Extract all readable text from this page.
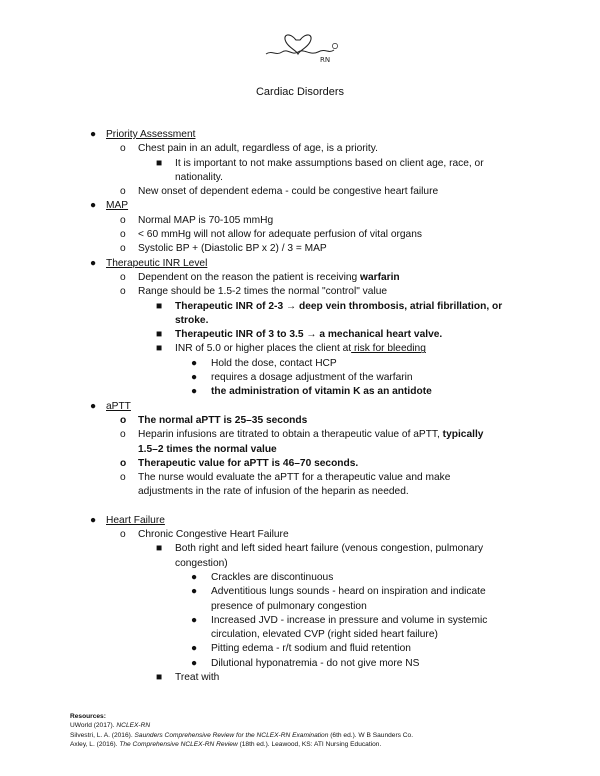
RN
Cardiac Disorders
● Priority Assessment
o Chest pain in an adult, regardless of age, is a priority.
■ It is important to not make assumptions based on client age, race, or
nationality.
o New onset of dependent edema - could be congestive heart failure
● MAP
o Normal MAP is 70-105 mmHg
o < 60 mmHg will not allow for adequate perfusion of vital organs
o Systolic BP + (Diastolic BP x 2) / 3 = MAP
● Therapeutic INR Level
o Dependent on the reason the patient is receiving warfarin
o Range should be 1.5-2 times the normal "control" value
■ Therapeutic INR of 2-3 → deep vein thrombosis, atrial fibrillation, or
stroke.
■ Therapeutic INR of 3 to 3.5 → a mechanical heart valve.
■ INR of 5.0 or higher places the client at risk for bleeding
● Hold the dose, contact HCP
● requires a dosage adjustment of the warfarin
● the administration of vitamin K as an antidote
● aPTT
o The normal aPTT is 25–35 seconds
o Heparin infusions are titrated to obtain a therapeutic value of aPTT, typically
1.5–2 times the normal value
o Therapeutic value for aPTT is 46–70 seconds.
o The nurse would evaluate the aPTT for a therapeutic value and make
adjustments in the rate of infusion of the heparin as needed.
● Heart Failure
o Chronic Congestive Heart Failure
■ Both right and left sided heart failure (venous congestion, pulmonary
congestion)
● Crackles are discontinuous
● Adventitious lungs sounds - heard on inspiration and indicate
presence of pulmonary congestion
● Increased JVD - increase in pressure and volume in systemic
circulation, elevated CVP (right sided heart failure)
● Pitting edema - r/t sodium and fluid retention
● Dilutional hyponatremia - do not give more NS
■ Treat with
Resources:
UWorld (2017). NCLEX-RN
Silvestri, L. A. (2016). Saunders Comprehensive Review for the NCLEX-RN Examination (6th ed.). W B Saunders Co.
Axley, L. (2016). The Comprehensive NCLEX-RN Review (18th ed.). Leawood, KS: ATI Nursing Education.
